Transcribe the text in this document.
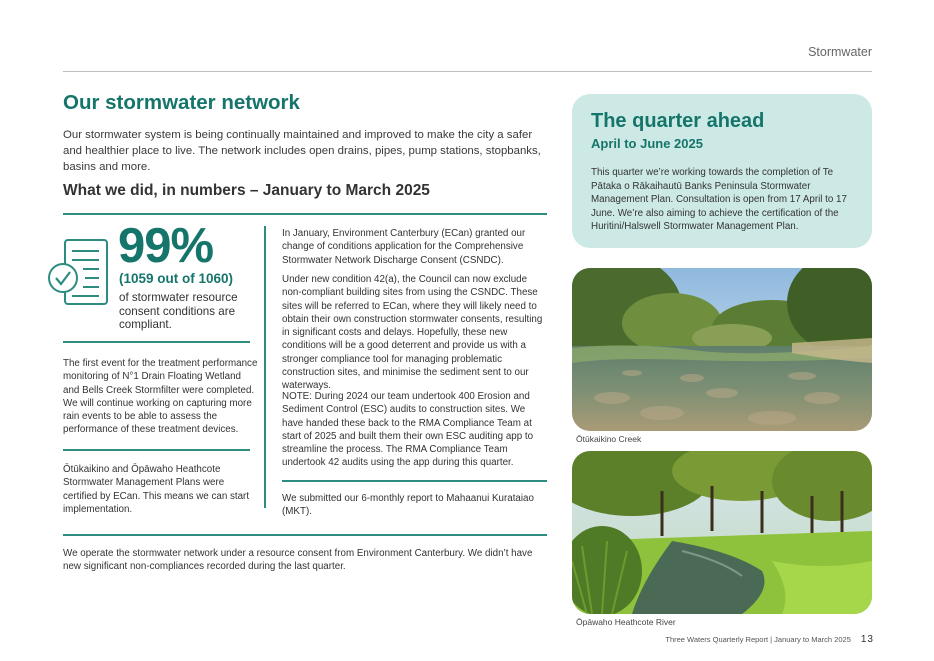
Stormwater
Our stormwater network
Our stormwater system is being continually maintained and improved to make the city a safer and healthier place to live. The network includes open drains, pipes, pump stations, stopbanks, basins and more.
What we did, in numbers – January to March 2025
99%
(1059 out of 1060)
of stormwater resource consent conditions are compliant.
The first event for the treatment performance monitoring of N°1 Drain Floating Wetland and Bells Creek Stormfilter were completed. We will continue working on capturing more rain events to be able to assess the performance of these treatment devices.
Ōtūkaikino and Ōpāwaho Heathcote Stormwater Management Plans were certified by ECan. This means we can start implementation.
In January, Environment Canterbury (ECan) granted our change of conditions application for the Comprehensive Stormwater Network Discharge Consent (CSNDC).
Under new condition 42(a), the Council can now exclude non-compliant building sites from using the CSNDC. These sites will be referred to ECan, where they will likely need to obtain their own construction stormwater consents, resulting in significant costs and delays. Hopefully, these new conditions will be a good deterrent and provide us with a stronger compliance tool for managing problematic construction sites, and minimise the sediment sent to our waterways.
NOTE: During 2024 our team undertook 400 Erosion and Sediment Control (ESC) audits to construction sites. We have handed these back to the RMA Compliance Team at start of 2025 and built them their own ESC auditing app to streamline the process. The RMA Compliance Team undertook 42 audits using the app during this quarter.
We submitted our 6-monthly report to Mahaanui Kurataiao (MKT).
We operate the stormwater network under a resource consent from Environment Canterbury. We didn’t have new significant non-compliances recorded during the last quarter.
The quarter ahead
April to June 2025
This quarter we’re working towards the completion of Te Pātaka o Rākaihautū Banks Peninsula Stormwater Management Plan. Consultation is open from 17 April to 17 June. We’re also aiming to achieve the certification of the Huritini/Halswell Stormwater Management Plan.
Ōtūkaikino Creek
Ōpāwaho Heathcote River
Three Waters Quarterly Report | January to March 2025 13
